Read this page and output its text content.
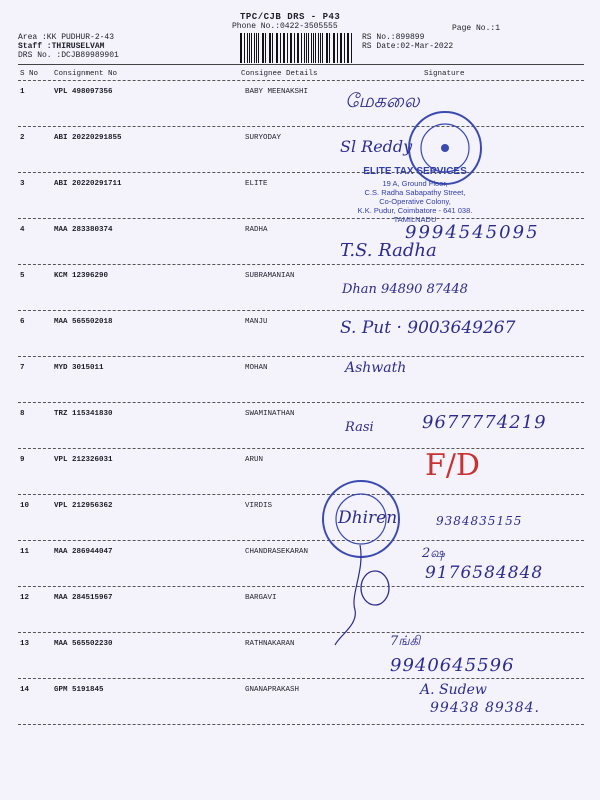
TPC/CJB DRS - P43
Phone No.:0422-3505555	Page No.:1
Area :KK PUDHUR-2-43
Staff :THIRUSELVAM
DRS No. :DCJB89989901
RS No.:899899
RS Date:02-Mar-2022
S No Consignment No	Consignee Details	Signature
1	VPL 498097356	BABY MEENAKSHI
2	ABI 20220291855	SURYODAY
3	ABI 20220291711	ELITE
4	MAA 283380374	RADHA
5	KCM 12396290	SUBRAMANIAN
6	MAA 565502018	MANJU
7	MYD 3015011	MOHAN
8	TRZ 115341830	SWAMINATHAN
9	VPL 212326031	ARUN
10	VPL 212956362	VIRDIS
11	MAA 286944047	CHANDRASEKARAN
12	MAA 284515967	BARGAVI
13	MAA 565502230	RATHNAKARAN
14	GPM 5191845	GNANAPRAKASH
ELITE TAX SERVICES
19 A, Ground Floor,
C.S. Radha Sabapathy Street,
Co-Operative Colony,
K.K. Pudur, Coimbatore - 641 038.
TAMILNADU
மேகலை
Sl Reddy
9994545095
T.S. Radha
Dhan 94890 87448
S. Put · 9003649267
Ashwath
Rasi	9677774219
F/D
Dhiren	9384835155
2ஷ
9176584848
7ங்கி
9940645596
A. Sudew
99438 89384.
